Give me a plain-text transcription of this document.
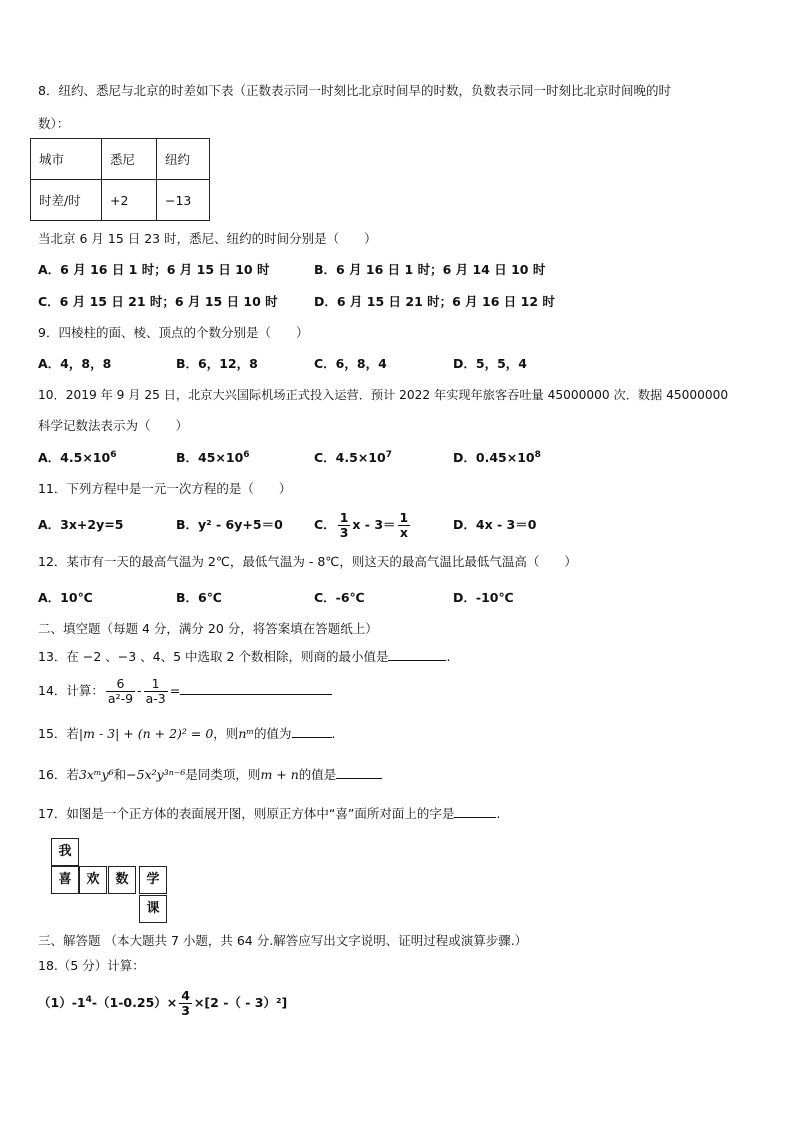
8．纽约、悉尼与北京的时差如下表（正数表示同一时刻比北京时间早的时数，负数表示同一时刻比北京时间晚的时
数）：
城市	悉尼	纽约
时差/时	+2	−13
当北京 6 月 15 日 23 时，悉尼、纽约的时间分别是（　　）
A．6 月 16 日 1 时；6 月 15 日 10 时	B．6 月 16 日 1 时；6 月 14 日 10 时
C．6 月 15 日 21 时；6 月 15 日 10 时	D．6 月 15 日 21 时；6 月 16 日 12 时
9．四棱柱的面、棱、顶点的个数分别是（　　）
A．4，8，8	B．6，12，8	C．6，8，4	D．5，5，4
10．2019 年 9 月 25 日，北京大兴国际机场正式投入运营．预计 2022 年实现年旅客吞吐量 45000000 次．数据 45000000
科学记数法表示为（　　）
A．$4.5\times 10^6$	B．$45\times 10^6$	C．$4.5\times 10^7$	D．$0.45\times 10^8$
11．下列方程中是一元一次方程的是（　　）
A．3x+2y=5	B．y² - 6y+5＝0 C． $\frac{1}{3}$ $x - 3= \frac{1}{x}$	D．4x - 3＝0
12．某市有一天的最高气温为 2℃，最低气温为 - 8℃，则这天的最高气温比最低气温高（　　）
A．10℃	B．6℃	C．-6℃	D．-10℃
二、填空题（每题 4 分，满分 20 分，将答案填在答题纸上）
13．在 −2 、−3 、4、5 中选取 2 个数相除，则商的最小值是	.
14．计算： $\frac{6}{\text{a²-9}} - \frac{1}{a-3}$ =
15．若|m - 3| + (n + 2)² = 0，则nᵐ的值为	.
16．若3xᵐy⁶和−5x²y³ⁿ⁻⁶是同类项，则m + n的值是
17．如图是一个正方体的表面展开图，则原正方体中“喜”面所对面上的字是	.
我
喜	欢	数	学
课
三、解答题 （本大题共 7 小题，共 64 分.解答应写出文字说明、证明过程或演算步骤.）
18.（5 分）计算：
$(1)-1^4-(1-0.25)\times \frac{4}{3} \times[2$ -（ - 3）²]
